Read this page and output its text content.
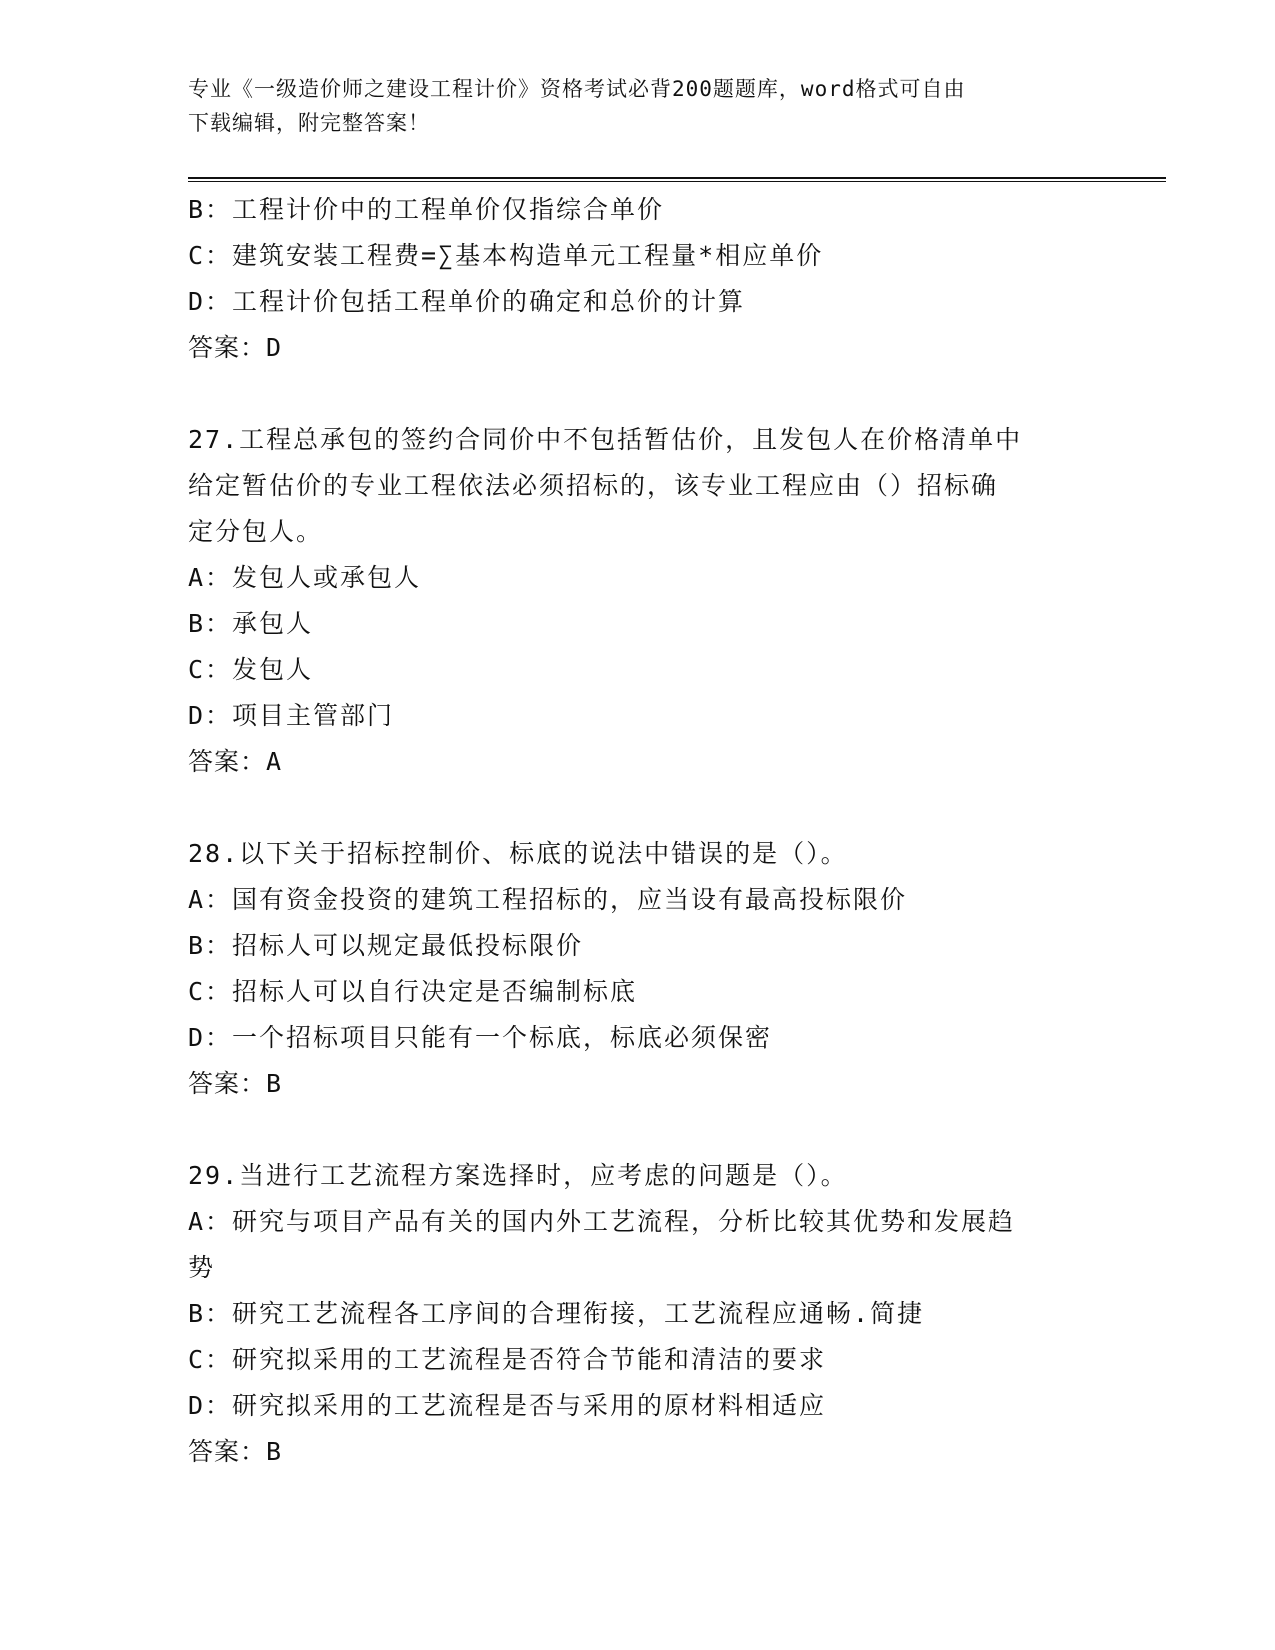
专业《一级造价师之建设工程计价》资格考试必背200题题库，word格式可自由
下载编辑，附完整答案！
B：工程计价中的工程单价仅指综合单价
C：建筑安装工程费=∑基本构造单元工程量*相应单价
D：工程计价包括工程单价的确定和总价的计算
答案：D
27.工程总承包的签约合同价中不包括暂估价，且发包人在价格清单中
给定暂估价的专业工程依法必须招标的，该专业工程应由（）招标确
定分包人。
A：发包人或承包人
B：承包人
C：发包人
D：项目主管部门
答案：A
28.以下关于招标控制价、标底的说法中错误的是（）。
A：国有资金投资的建筑工程招标的，应当设有最高投标限价
B：招标人可以规定最低投标限价
C：招标人可以自行决定是否编制标底
D：一个招标项目只能有一个标底，标底必须保密
答案：B
29.当进行工艺流程方案选择时，应考虑的问题是（）。
A：研究与项目产品有关的国内外工艺流程，分析比较其优势和发展趋
势
B：研究工艺流程各工序间的合理衔接，工艺流程应通畅.简捷
C：研究拟采用的工艺流程是否符合节能和清洁的要求
D：研究拟采用的工艺流程是否与采用的原材料相适应
答案：B
